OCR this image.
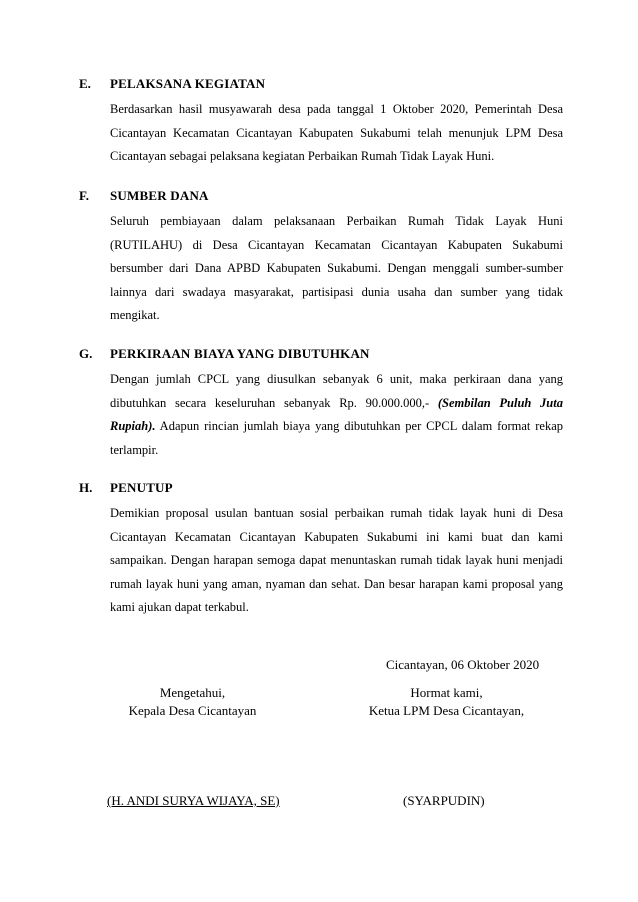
E. PELAKSANA KEGIATAN
Berdasarkan hasil musyawarah desa pada tanggal 1 Oktober 2020, Pemerintah Desa Cicantayan Kecamatan Cicantayan Kabupaten Sukabumi telah menunjuk LPM Desa Cicantayan sebagai pelaksana kegiatan Perbaikan Rumah Tidak Layak Huni.
F. SUMBER DANA
Seluruh pembiayaan dalam pelaksanaan Perbaikan Rumah Tidak Layak Huni (RUTILAHU) di Desa Cicantayan Kecamatan Cicantayan Kabupaten Sukabumi bersumber dari Dana APBD Kabupaten Sukabumi. Dengan menggali sumber-sumber lainnya dari swadaya masyarakat, partisipasi dunia usaha dan sumber yang tidak mengikat.
G. PERKIRAAN BIAYA YANG DIBUTUHKAN
Dengan jumlah CPCL yang diusulkan sebanyak 6 unit, maka perkiraan dana yang dibutuhkan secara keseluruhan sebanyak Rp. 90.000.000,- (Sembilan Puluh Juta Rupiah). Adapun rincian jumlah biaya yang dibutuhkan per CPCL dalam format rekap terlampir.
H. PENUTUP
Demikian proposal usulan bantuan sosial perbaikan rumah tidak layak huni di Desa Cicantayan Kecamatan Cicantayan Kabupaten Sukabumi ini kami buat dan kami sampaikan. Dengan harapan semoga dapat menuntaskan rumah tidak layak huni menjadi rumah layak huni yang aman, nyaman dan sehat. Dan besar harapan kami proposal yang kami ajukan dapat terkabul.
Cicantayan, 06 Oktober 2020
Mengetahui,
Kepala Desa Cicantayan
Hormat kami,
Ketua LPM Desa Cicantayan,
(H. ANDI SURYA WIJAYA, SE)	(SYARPUDIN)
